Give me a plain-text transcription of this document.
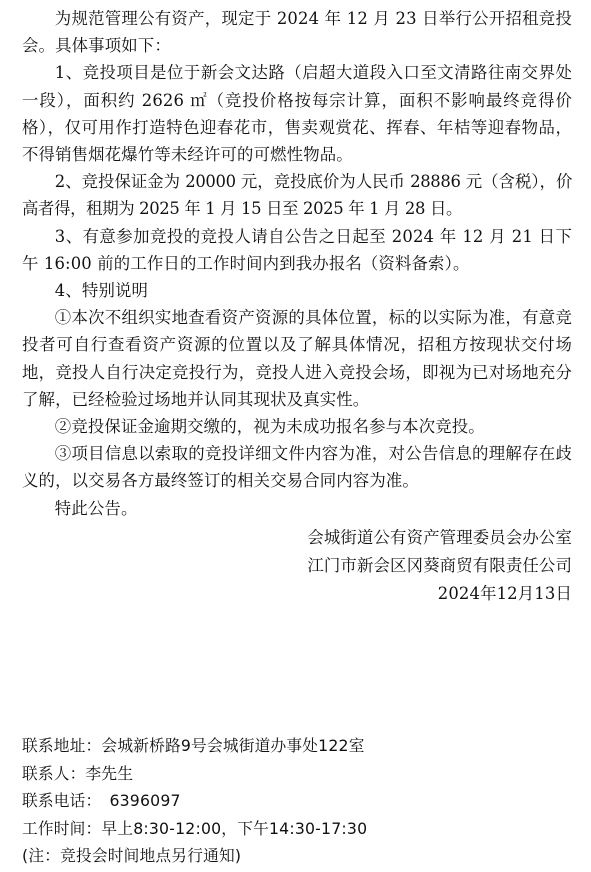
为规范管理公有资产，现定于 2024 年 12 月 23 日举行公开招租竞投会。具体事项如下：

1、竞投项目是位于新会文达路（启超大道段入口至文清路往南交界处一段），面积约 2626 ㎡（竞投价格按每宗计算，面积不影响最终竞得价格），仅可用作打造特色迎春花市，售卖观赏花、挥春、年桔等迎春物品，不得销售烟花爆竹等未经许可的可燃性物品。

2、竞投保证金为 20000 元，竞投底价为人民币 28886 元（含税），价高者得，租期为 2025 年 1 月 15 日至 2025 年 1 月 28 日。

3、有意参加竞投的竞投人请自公告之日起至 2024 年 12 月 21 日下午 16:00 前的工作日的工作时间内到我办报名（资料备索）。

4、特别说明

①本次不组织实地查看资产资源的具体位置，标的以实际为准，有意竞投者可自行查看资产资源的位置以及了解具体情况，招租方按现状交付场地，竞投人自行决定竞投行为，竞投人进入竞投会场，即视为已对场地充分了解，已经检验过场地并认同其现状及真实性。

②竞投保证金逾期交缴的，视为未成功报名参与本次竞投。

③项目信息以索取的竞投详细文件内容为准，对公告信息的理解存在歧义的，以交易各方最终签订的相关交易合同内容为准。

特此公告。

会城街道公有资产管理委员会办公室
江门市新会区冈葵商贸有限责任公司
2024年12月13日
联系地址：会城新桥路9号会城街道办事处122室
联系人：李先生
联系电话： 6396097
工作时间：早上8:30-12:00，下午14:30-17:30
(注：竞投会时间地点另行通知)
